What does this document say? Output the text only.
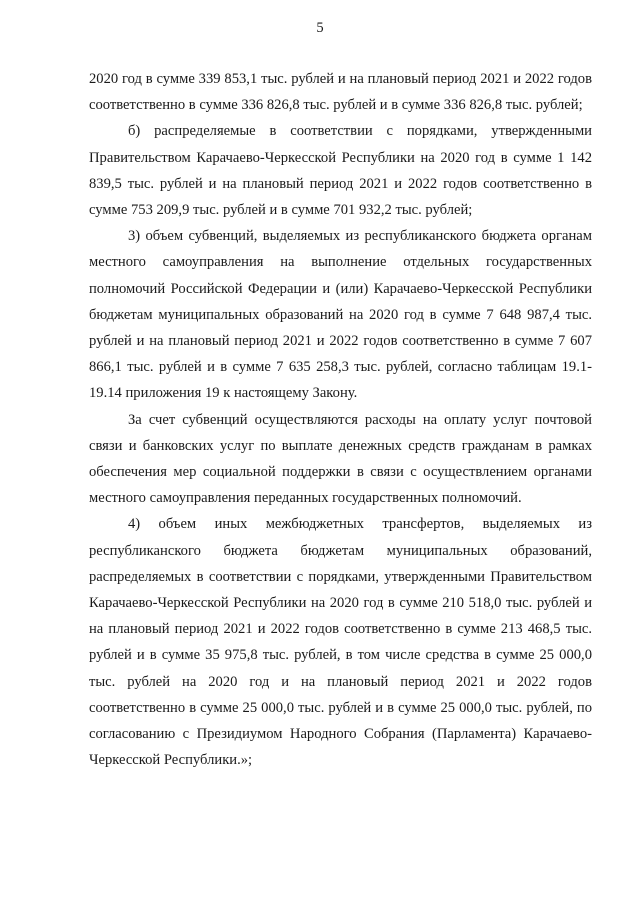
5

2020 год в сумме 339 853,1 тыс. рублей и на плановый период 2021 и 2022 годов соответственно в сумме 336 826,8 тыс. рублей и в сумме 336 826,8 тыс. рублей;

б) распределяемые в соответствии с порядками, утвержденными Правительством Карачаево-Черкесской Республики на 2020 год в сумме 1 142 839,5 тыс. рублей и на плановый период 2021 и 2022 годов соответственно в сумме 753 209,9 тыс. рублей и в сумме 701 932,2 тыс. рублей;

3) объем субвенций, выделяемых из республиканского бюджета органам местного самоуправления на выполнение отдельных государственных полномочий Российской Федерации и (или) Карачаево-Черкесской Республики бюджетам муниципальных образований на 2020 год в сумме 7 648 987,4 тыс. рублей и на плановый период 2021 и 2022 годов соответственно в сумме 7 607 866,1 тыс. рублей и в сумме 7 635 258,3 тыс. рублей, согласно таблицам 19.1-19.14 приложения 19 к настоящему Закону.

За счет субвенций осуществляются расходы на оплату услуг почтовой связи и банковских услуг по выплате денежных средств гражданам в рамках обеспечения мер социальной поддержки в связи с осуществлением органами местного самоуправления переданных государственных полномочий.

4) объем иных межбюджетных трансфертов, выделяемых из республиканского бюджета бюджетам муниципальных образований, распределяемых в соответствии с порядками, утвержденными Правительством Карачаево-Черкесской Республики на 2020 год в сумме 210 518,0 тыс. рублей и на плановый период 2021 и 2022 годов соответственно в сумме 213 468,5 тыс. рублей и в сумме 35 975,8 тыс. рублей, в том числе средства в сумме 25 000,0 тыс. рублей на 2020 год и на плановый период 2021 и 2022 годов соответственно в сумме 25 000,0 тыс. рублей и в сумме 25 000,0 тыс. рублей, по согласованию с Президиумом Народного Собрания (Парламента) Карачаево-Черкесской Республики.»;
